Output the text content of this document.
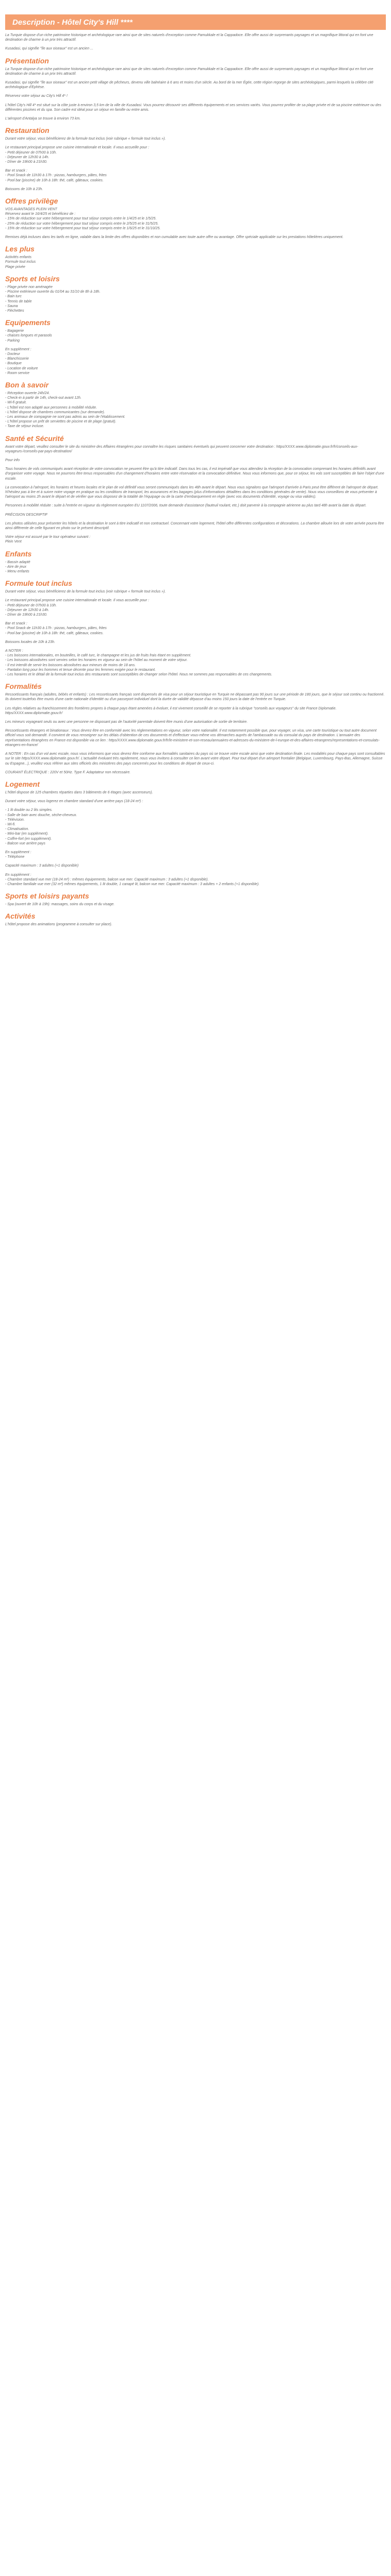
Description - Hôtel City's Hill ****

La Turquie dispose d'un riche patrimoine historique et archéologique rare ainsi que de sites naturels d'exception comme Pamukkale et la Cappadoce. Elle offre aussi de surprenants paysages et un magnifique littoral qui en font une destination de charme à un prix très attractif.

Kusadasi, qui signifie "île aux oiseaux" est un ancien ...

Présentation

La Turquie dispose d'un riche patrimoine historique et archéologique rare ainsi que de sites naturels d'exception comme Pamukkale et la Cappadoce. Elle offre aussi de surprenants paysages et un magnifique littoral qui en font une destination de charme à un prix très attractif.

Kusadasi, qui signifie "île aux oiseaux" est un ancien petit village de pêcheurs, devenu ville balnéaire à 6 ans et moins d'un siècle. Au bord de la mer Égée, cette région regorge de sites archéologiques, parmi lesquels la célèbre cité archéologique d'Ephèse.

Réservez votre séjour au City's Hill 4* !

L'hôtel City's Hill 4* est situé sur la côte juste à environ 3,5 km de la ville de Kusadasi. Vous pourrez découvrir ses différents équipements et ses services variés. Vous pourrez profiter de sa plage privée et de sa piscine extérieure ou des différentes piscines et du spa. Son cadre est idéal pour un séjour en famille ou entre amis.

L'aéroport d'Antalya se trouve à environ 73 km.

Restauration

Durant votre séjour, vous bénéficierez de la formule tout inclus (voir rubrique « formule tout inclus »).

Le restaurant principal propose une cuisine internationale et locale. Il vous accueille pour :

- Petit déjeuner de 07h00 à 10h.

- Déjeuner de 12h30 à 14h.

- Dîner de 19h00 à 21h30.

Bar et snack :

- Pool Snack de 11h30 à 17h : pizzas, hamburgers, pâtes, frites

- Pool bar (piscine) de 10h à 18h: thé, café, gâteaux, cookies.

Boissons de 10h à 23h.

Offres privilège

VOS AVANTAGES PLEIN VENT

Réservez avant le 16/4/25 et bénéficiez de :

- 15% de réduction sur votre hébergement pour tout séjour compris entre le 1/4/25 et le 1/5/25.

- 25% de réduction sur votre hébergement pour tout séjour compris entre le 2/5/25 et le 31/5/25.

- 15% de réduction sur votre hébergement pour tout séjour compris entre le 1/6/25 et le 31/10/25.

Remises déjà incluses dans les tarifs en ligne, valable dans la limite des offres disponibles et non cumulable avec toute autre offre ou avantage. Offre spéciale applicable sur les prestations hôtelières uniquement.

Les plus

Activités enfants

Formule tout inclus

Plage privée

Sports et loisirs

- Plage privée non aménagée

- Piscine extérieure ouverte du 01/04 au 31/10 de 8h à 18h.

- Bain turc

- Tennis de table

- Sauna

- Fléchettes

Equipements

- Bagagerie

- chaises longues et parasols

- Parking

En supplément :

- Docteur

- Blanchisserie

- Boutique

- Location de voiture

- Room service

Bon à savoir

- Réception ouverte 24h/24.

- Check-in à partir de 14h, check-out avant 12h.

- Wi-fi gratuit.

- L'hôtel est non adapté aux personnes à mobilité réduite.

- L'hôtel dispose de chambres communicantes (sur demande).

- Les animaux de compagnie ne sont pas admis au sein de l'établissement.

- L'hôtel propose un prêt de serviettes de piscine et de plage (gratuit).

- Taxe de séjour incluse.

Santé et Sécurité

Avant votre départ, veuillez consulter le site du ministère des Affaires étrangères pour connaître les risques sanitaires éventuels qui peuvent concerner votre destination : https/XXXX.www.diplomatie.gouv.fr/fr/conseils-aux-voyageurs-/conseils-par-pays-destination/

Pour info

Tous horaires de vols communiqués avant réception de votre convocation ne peuvent être qu'à titre indicatif. Dans tous les cas, il est impératif que vous attendiez la réception de la convocation comprenant les horaires définitifs avant d'organiser votre voyage. Nous ne pourrons être tenus responsables d'un changement d'horaires entre votre réservation et la convocation définitive. Nous vous informons que, pour ce séjour, les vols sont susceptibles de faire l'objet d'une escale.

La convocation à l'aéroport, les horaires et heures locales et le plan de vol définitif vous seront communiqués dans les 48h avant le départ. Nous vous signalons que l'aéroport d'arrivée à Paris peut être différent de l'aéroport de départ. N'hésitez pas à lire et à suivre notre voyage en pratique ou les conditions de transport, les assurances et les bagages (plus d'informations détaillées dans les conditions générales de vente). Nous vous conseillons de vous présenter à l'aéroport au moins 2h avant le départ et de vérifier que vous disposez de la totalité de l'équipage ou de la carte d'embarquement en règle (avec vos documents d'identité, voyage ou visa valides).

Personnes à mobilité réduite : suite à l'entrée en vigueur du règlement européen EU 1107/2006, toute demande d'assistance (fauteuil roulant, etc.) doit parvenir à la compagnie aérienne au plus tard 48h avant la date du départ.

PRÉCISION DESCRIPTIF

Les photos utilisées pour présenter les hôtels et la destination le sont à titre indicatif et non contractuel. Concernant votre logement, l'hôtel offre différentes configurations et décorations. La chambre allouée lors de votre arrivée pourra être ainsi différente de celle figurant en photo sur le présent descriptif.

Votre séjour est assuré par le tour opérateur suivant :

Plein Vent

Enfants

- Bassin adapté

- Aire de jeux

- Menu enfants

Formule tout inclus

Durant votre séjour, vous bénéficierez de la formule tout inclus (voir rubrique « formule tout inclus »).

Le restaurant principal propose une cuisine internationale et locale. Il vous accueille pour :

- Petit déjeuner de 07h00 à 10h.

- Déjeuner de 12h30 à 14h.

- Dîner de 19h00 à 21h30.

Bar et snack :

- Pool Snack de 11h30 à 17h : pizzas, hamburgers, pâtes, frites

- Pool bar (piscine) de 10h à 18h: thé, café, gâteaux, cookies.

Boissons locales de 10h à 23h.

A NOTER :

- Les boissons internationales, en bouteilles, le café turc, le champagne et les jus de fruits frais étant en supplément.

- Les boissons alcoolisées sont servies selon les horaires en vigueur au sein de l'hôtel au moment de votre séjour.

- Il est interdit de servir les boissons alcoolisées aux mineurs de moins de 18 ans.

- Pantalon long pour les hommes et tenue décente pour les femmes exigée pour le restaurant.

- Les horaires et le détail de la formule tout inclus des restaurants sont susceptibles de changer selon l'hôtel. Nous ne sommes pas responsables de ces changements.

Formalités

Ressortissants français (adultes, bébés et enfants) : Les ressortissants français sont dispensés de visa pour un séjour touristique en Turquie ne dépassant pas 90 jours sur une période de 180 jours, que le séjour soit continu ou fractionné. Ils doivent toutefois être munis d'une carte nationale d'identité ou d'un passeport individuel dont la durée de validité dépasse d'au moins 150 jours la date de l'entrée en Turquie.

Les règles relatives au franchissement des frontières propres à chaque pays étant amenées à évoluer, il est vivement conseillé de se reporter à la rubrique "conseils aux voyageurs" du site France Diplomatie. https/XXXX.www.diplomatie.gouv.fr/

Les mineurs voyageant seuls ou avec une personne ne disposant pas de l'autorité parentale doivent être munis d'une autorisation de sortie de territoire.

Ressortissants étrangers et binationaux : Vous devrez être en conformité avec les réglementations en vigueur, selon votre nationalité. Il est notamment possible que, pour voyager, un visa, une carte touristique ou tout autre document officiel vous soit demandé. Il convient de vous renseigner sur les délais d'obtention de ces documents et d'effectuer vous-même vos démarches auprès de l'ambassade ou du consulat du pays de destination. L'annuaire des représentations étrangères en France est disponible via ce lien : https/XXXX.www.diplomatie.gouv.fr/fr/le-ministere-et-son-reseau/annuaires-et-adresses-du-ministere-de-l-europe-et-des-affaires-etrangeres/representations-et-consulats-etrangers-en-france/

A NOTER : En cas d'un vol avec escale, nous vous informons que vous devrez être conforme aux formalités sanitaires du pays où se trouve votre escale ainsi que votre destination finale. Les modalités pour chaque pays sont consultables sur le site https/XXXX.www.diplomatie.gouv.fr/. L'actualité évoluant très rapidement, nous vous invitons à consulter ce lien avant votre départ. Pour tout départ d'un aéroport frontalier (Belgique, Luxembourg, Pays-Bas, Allemagne, Suisse ou Espagne...), veuillez vous référer aux sites officiels des ministères des pays concernés pour les conditions de départ de ceux-ci.

COURANT ÉLECTRIQUE : 220V et 50Hz. Type F. Adaptateur non nécessaire.

Logement

L'hôtel dispose de 125 chambres réparties dans 3 bâtiments de 6 étages (avec ascenseurs).

Durant votre séjour, vous logerez en chambre standard d'une arrière pays (18-24 m²) :

- 1 lit double ou 2 lits simples.

- Salle de bain avec douche, sèche-cheveux.

- Télévision.

- Wi-fi.

- Climatisation.

- Mini-bar (en supplément).

- Coffre-fort (en supplément).

- Balcon vue arrière pays

En supplément :

- Téléphone

Capacité maximum : 3 adultes (+1 disponible)

En supplément :

- Chambre standard vue mer (18-24 m²) : mêmes équipements, balcon vue mer. Capacité maximum : 3 adultes (+1 disponible).

- Chambre familiale vue mer (32 m²) mêmes équipements, 1 lit double, 1 canapé lit, balcon vue mer. Capacité maximum : 3 adultes + 2 enfants (+1 disponible).

Sports et loisirs payants

- Spa (ouvert de 10h à 19h): massages, soins du corps et du visage.

Activités

L'hôtel propose des animations (programme à consulter sur place).
